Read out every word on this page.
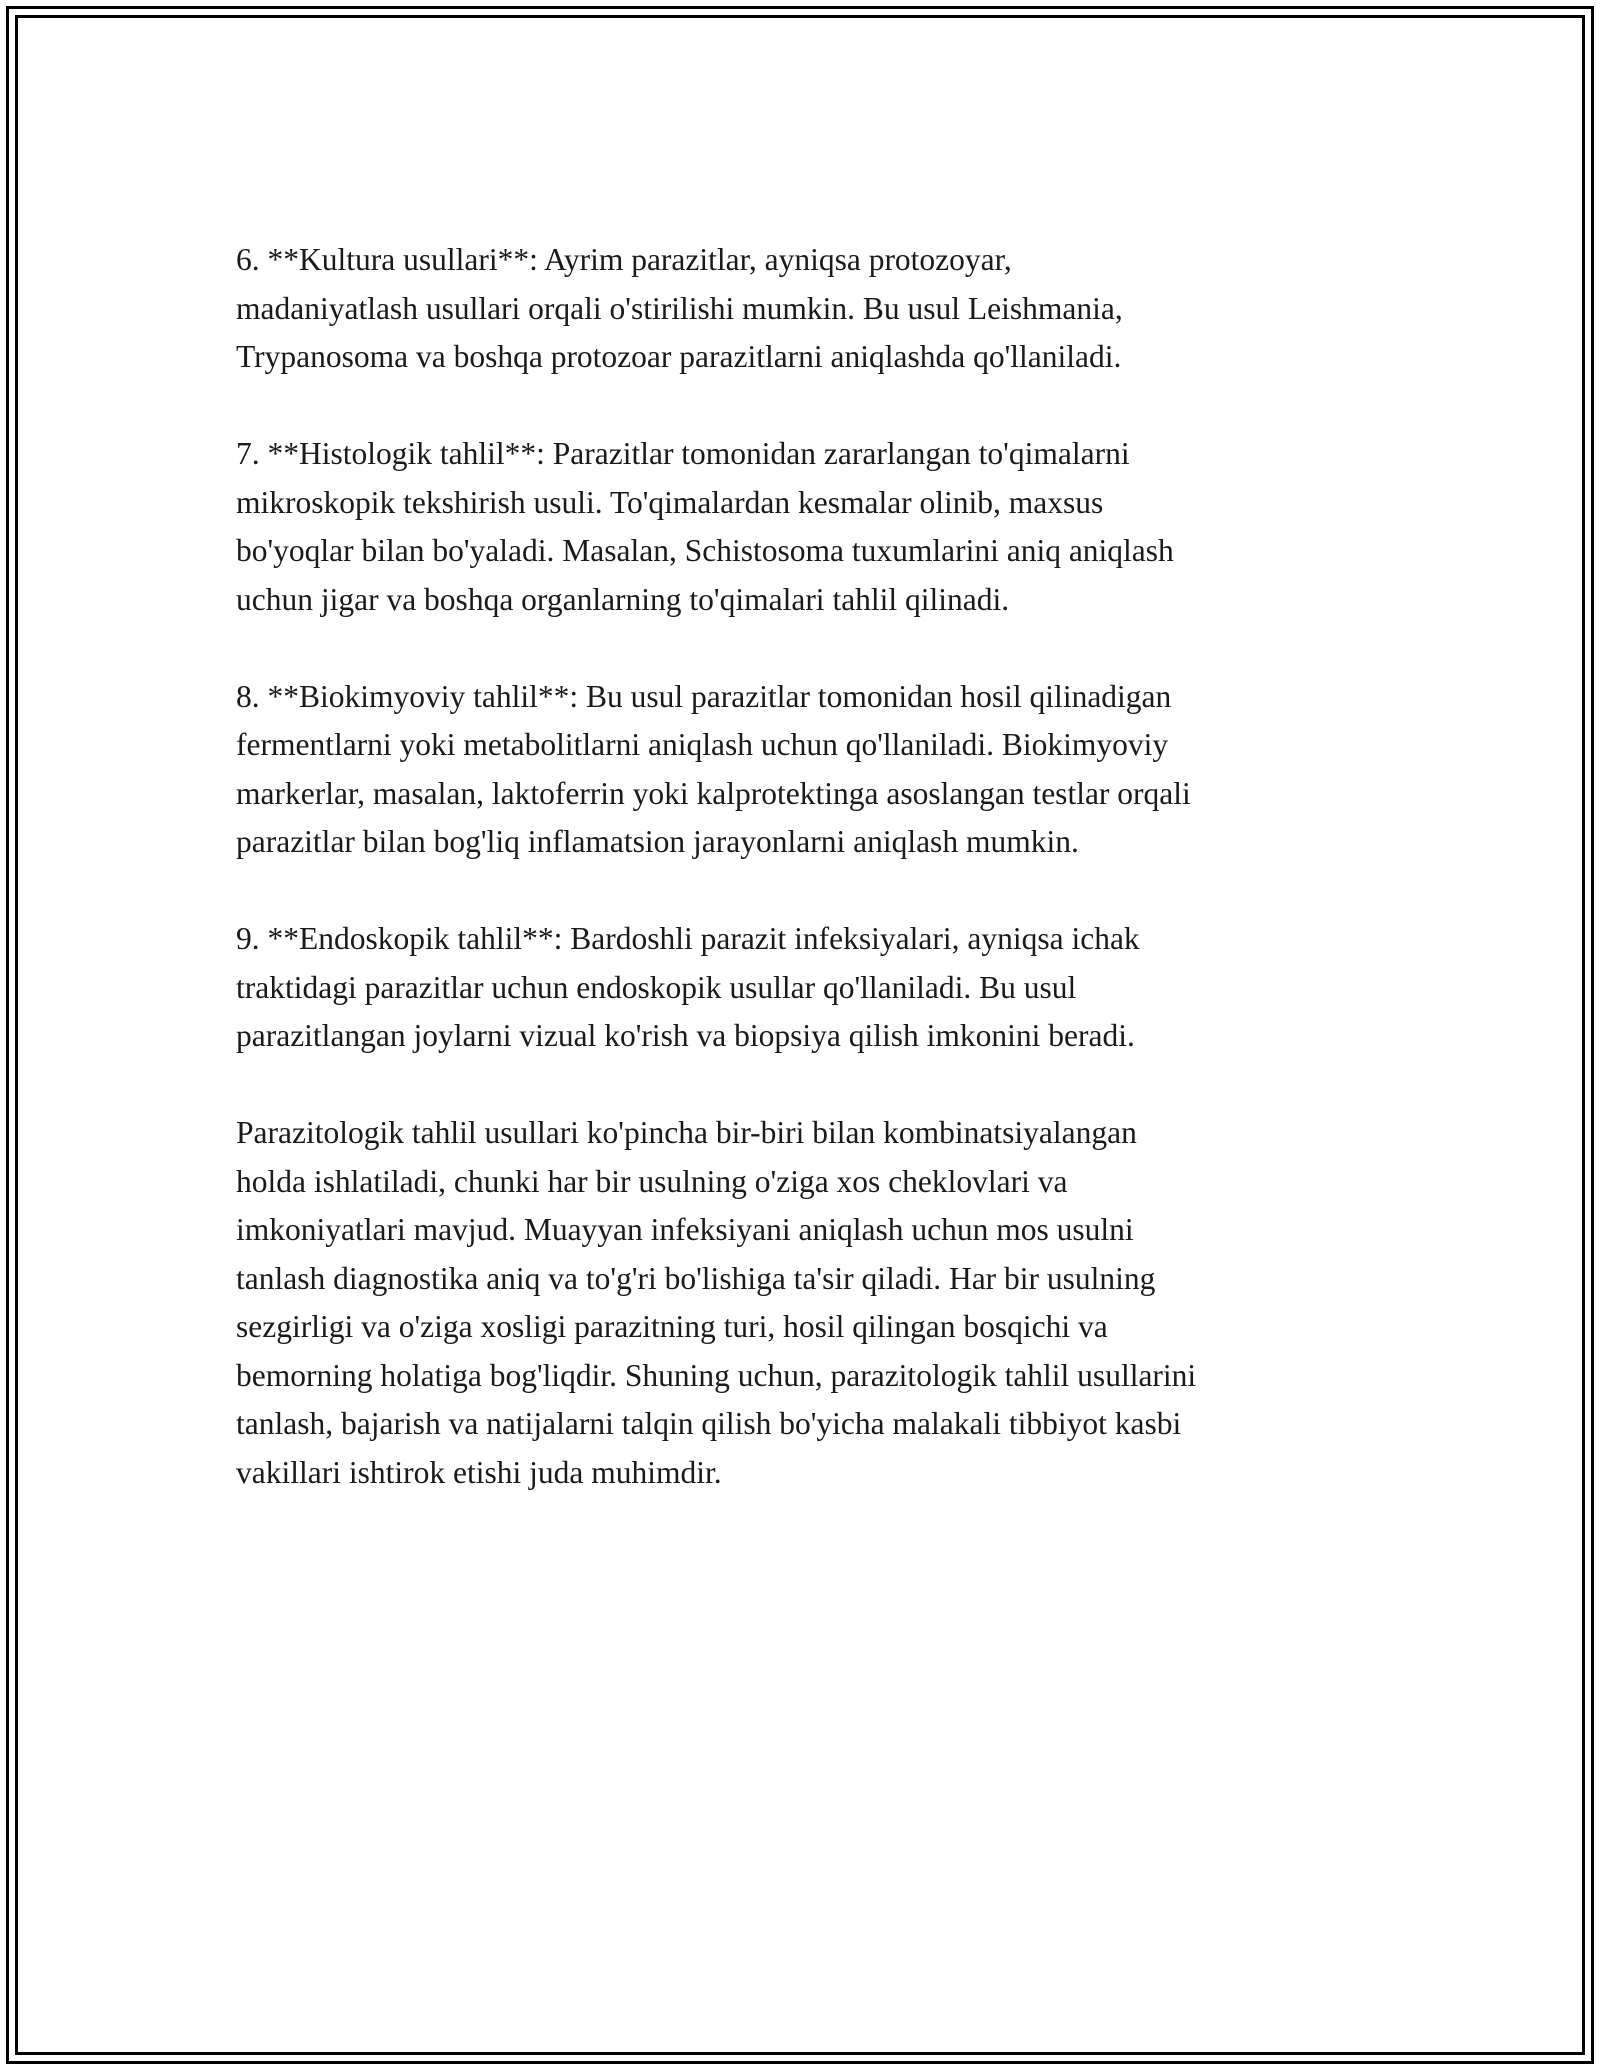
6. **Kultura usullari**: Ayrim parazitlar, ayniqsa protozoyar,
madaniyatlash usullari orqali o'stirilishi mumkin. Bu usul Leishmania,
Trypanosoma va boshqa protozoar parazitlarni aniqlashda qo'llaniladi.

7. **Histologik tahlil**: Parazitlar tomonidan zararlangan to'qimalarni
mikroskopik tekshirish usuli. To'qimalardan kesmalar olinib, maxsus
bo'yoqlar bilan bo'yaladi. Masalan, Schistosoma tuxumlarini aniq aniqlash
uchun jigar va boshqa organlarning to'qimalari tahlil qilinadi.

8. **Biokimyoviy tahlil**: Bu usul parazitlar tomonidan hosil qilinadigan
fermentlarni yoki metabolitlarni aniqlash uchun qo'llaniladi. Biokimyoviy
markerlar, masalan, laktoferrin yoki kalprotektinga asoslangan testlar orqali
parazitlar bilan bog'liq inflamatsion jarayonlarni aniqlash mumkin.

9. **Endoskopik tahlil**: Bardoshli parazit infeksiyalari, ayniqsa ichak
traktidagi parazitlar uchun endoskopik usullar qo'llaniladi. Bu usul
parazitlangan joylarni vizual ko'rish va biopsiya qilish imkonini beradi.

Parazitologik tahlil usullari ko'pincha bir-biri bilan kombinatsiyalangan
holda ishlatiladi, chunki har bir usulning o'ziga xos cheklovlari va
imkoniyatlari mavjud. Muayyan infeksiyani aniqlash uchun mos usulni
tanlash diagnostika aniq va to'g'ri bo'lishiga ta'sir qiladi. Har bir usulning
sezgirligi va o'ziga xosligi parazitning turi, hosil qilingan bosqichi va
bemorning holatiga bog'liqdir. Shuning uchun, parazitologik tahlil usullarini
tanlash, bajarish va natijalarni talqin qilish bo'yicha malakali tibbiyot kasbi
vakillari ishtirok etishi juda muhimdir.
